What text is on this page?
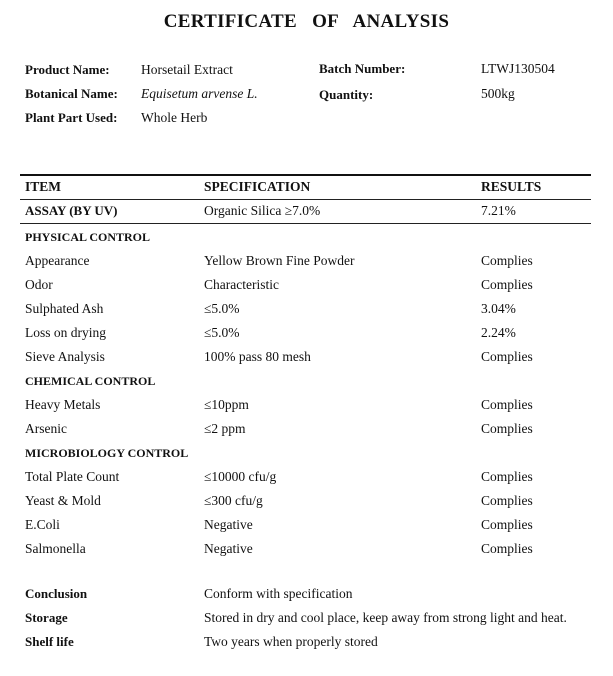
CERTIFICATE   OF   ANALYSIS
Product Name: Horsetail Extract	Batch Number:	LTWJ130504
Botanical Name: Equisetum arvense L.	Quantity:	500kg
Plant Part Used: Whole Herb
ITEM	SPECIFICATION	RESULTS
ASSAY (BY UV)	Organic Silica ≥7.0%	7.21%
PHYSICAL CONTROL
Appearance	Yellow Brown Fine Powder	Complies
Odor	Characteristic	Complies
Sulphated Ash	≤5.0%	3.04%
Loss on drying	≤5.0%	2.24%
Sieve Analysis	100% pass 80 mesh	Complies
CHEMICAL CONTROL
Heavy Metals	≤10ppm	Complies
Arsenic	≤2 ppm	Complies
MICROBIOLOGY CONTROL
Total Plate Count	≤10000 cfu/g	Complies
Yeast & Mold	≤300 cfu/g	Complies
E.Coli	Negative	Complies
Salmonella	Negative	Complies
Conclusion	Conform with specification
Storage	Stored in dry and cool place, keep away from strong light and heat.
Shelf life	Two years when properly stored
